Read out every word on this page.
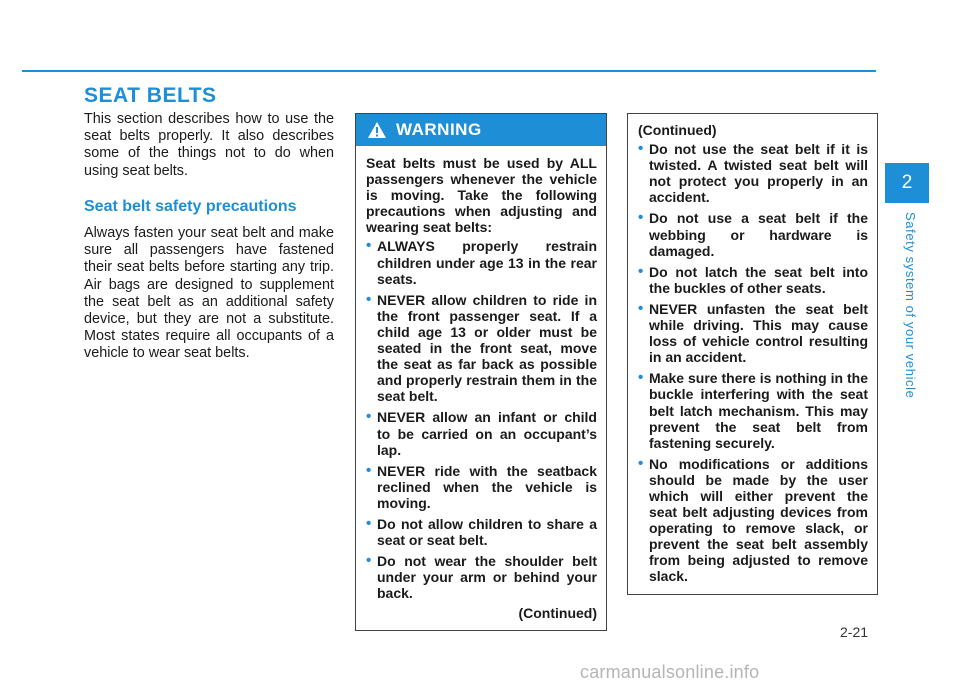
SEAT BELTS

This section describes how to use the seat belts properly. It also describes some of the things not to do when using seat belts.

Seat belt safety precautions

Always fasten your seat belt and make sure all passengers have fastened their seat belts before starting any trip. Air bags are designed to supplement the seat belt as an additional safety device, but they are not a substitute. Most states require all occupants of a vehicle to wear seat belts.

WARNING

Seat belts must be used by ALL passengers whenever the vehicle is moving. Take the following precautions when adjusting and wearing seat belts:

• ALWAYS properly restrain children under age 13 in the rear seats.
• NEVER allow children to ride in the front passenger seat. If a child age 13 or older must be seated in the front seat, move the seat as far back as possible and properly restrain them in the seat belt.
• NEVER allow an infant or child to be carried on an occupant’s lap.
• NEVER ride with the seatback reclined when the vehicle is moving.
• Do not allow children to share a seat or seat belt.
• Do not wear the shoulder belt under your arm or behind your back.

(Continued)

(Continued)

• Do not use the seat belt if it is twisted. A twisted seat belt will not protect you properly in an accident.
• Do not use a seat belt if the webbing or hardware is damaged.
• Do not latch the seat belt into the buckles of other seats.
• NEVER unfasten the seat belt while driving. This may cause loss of vehicle control resulting in an accident.
• Make sure there is nothing in the buckle interfering with the seat belt latch mechanism. This may prevent the seat belt from fastening securely.
• No modifications or additions should be made by the user which will either prevent the seat belt adjusting devices from operating to remove slack, or prevent the seat belt assembly from being adjusted to remove slack.
2
Safety system of your vehicle
2-21
carmanualsonline.info
